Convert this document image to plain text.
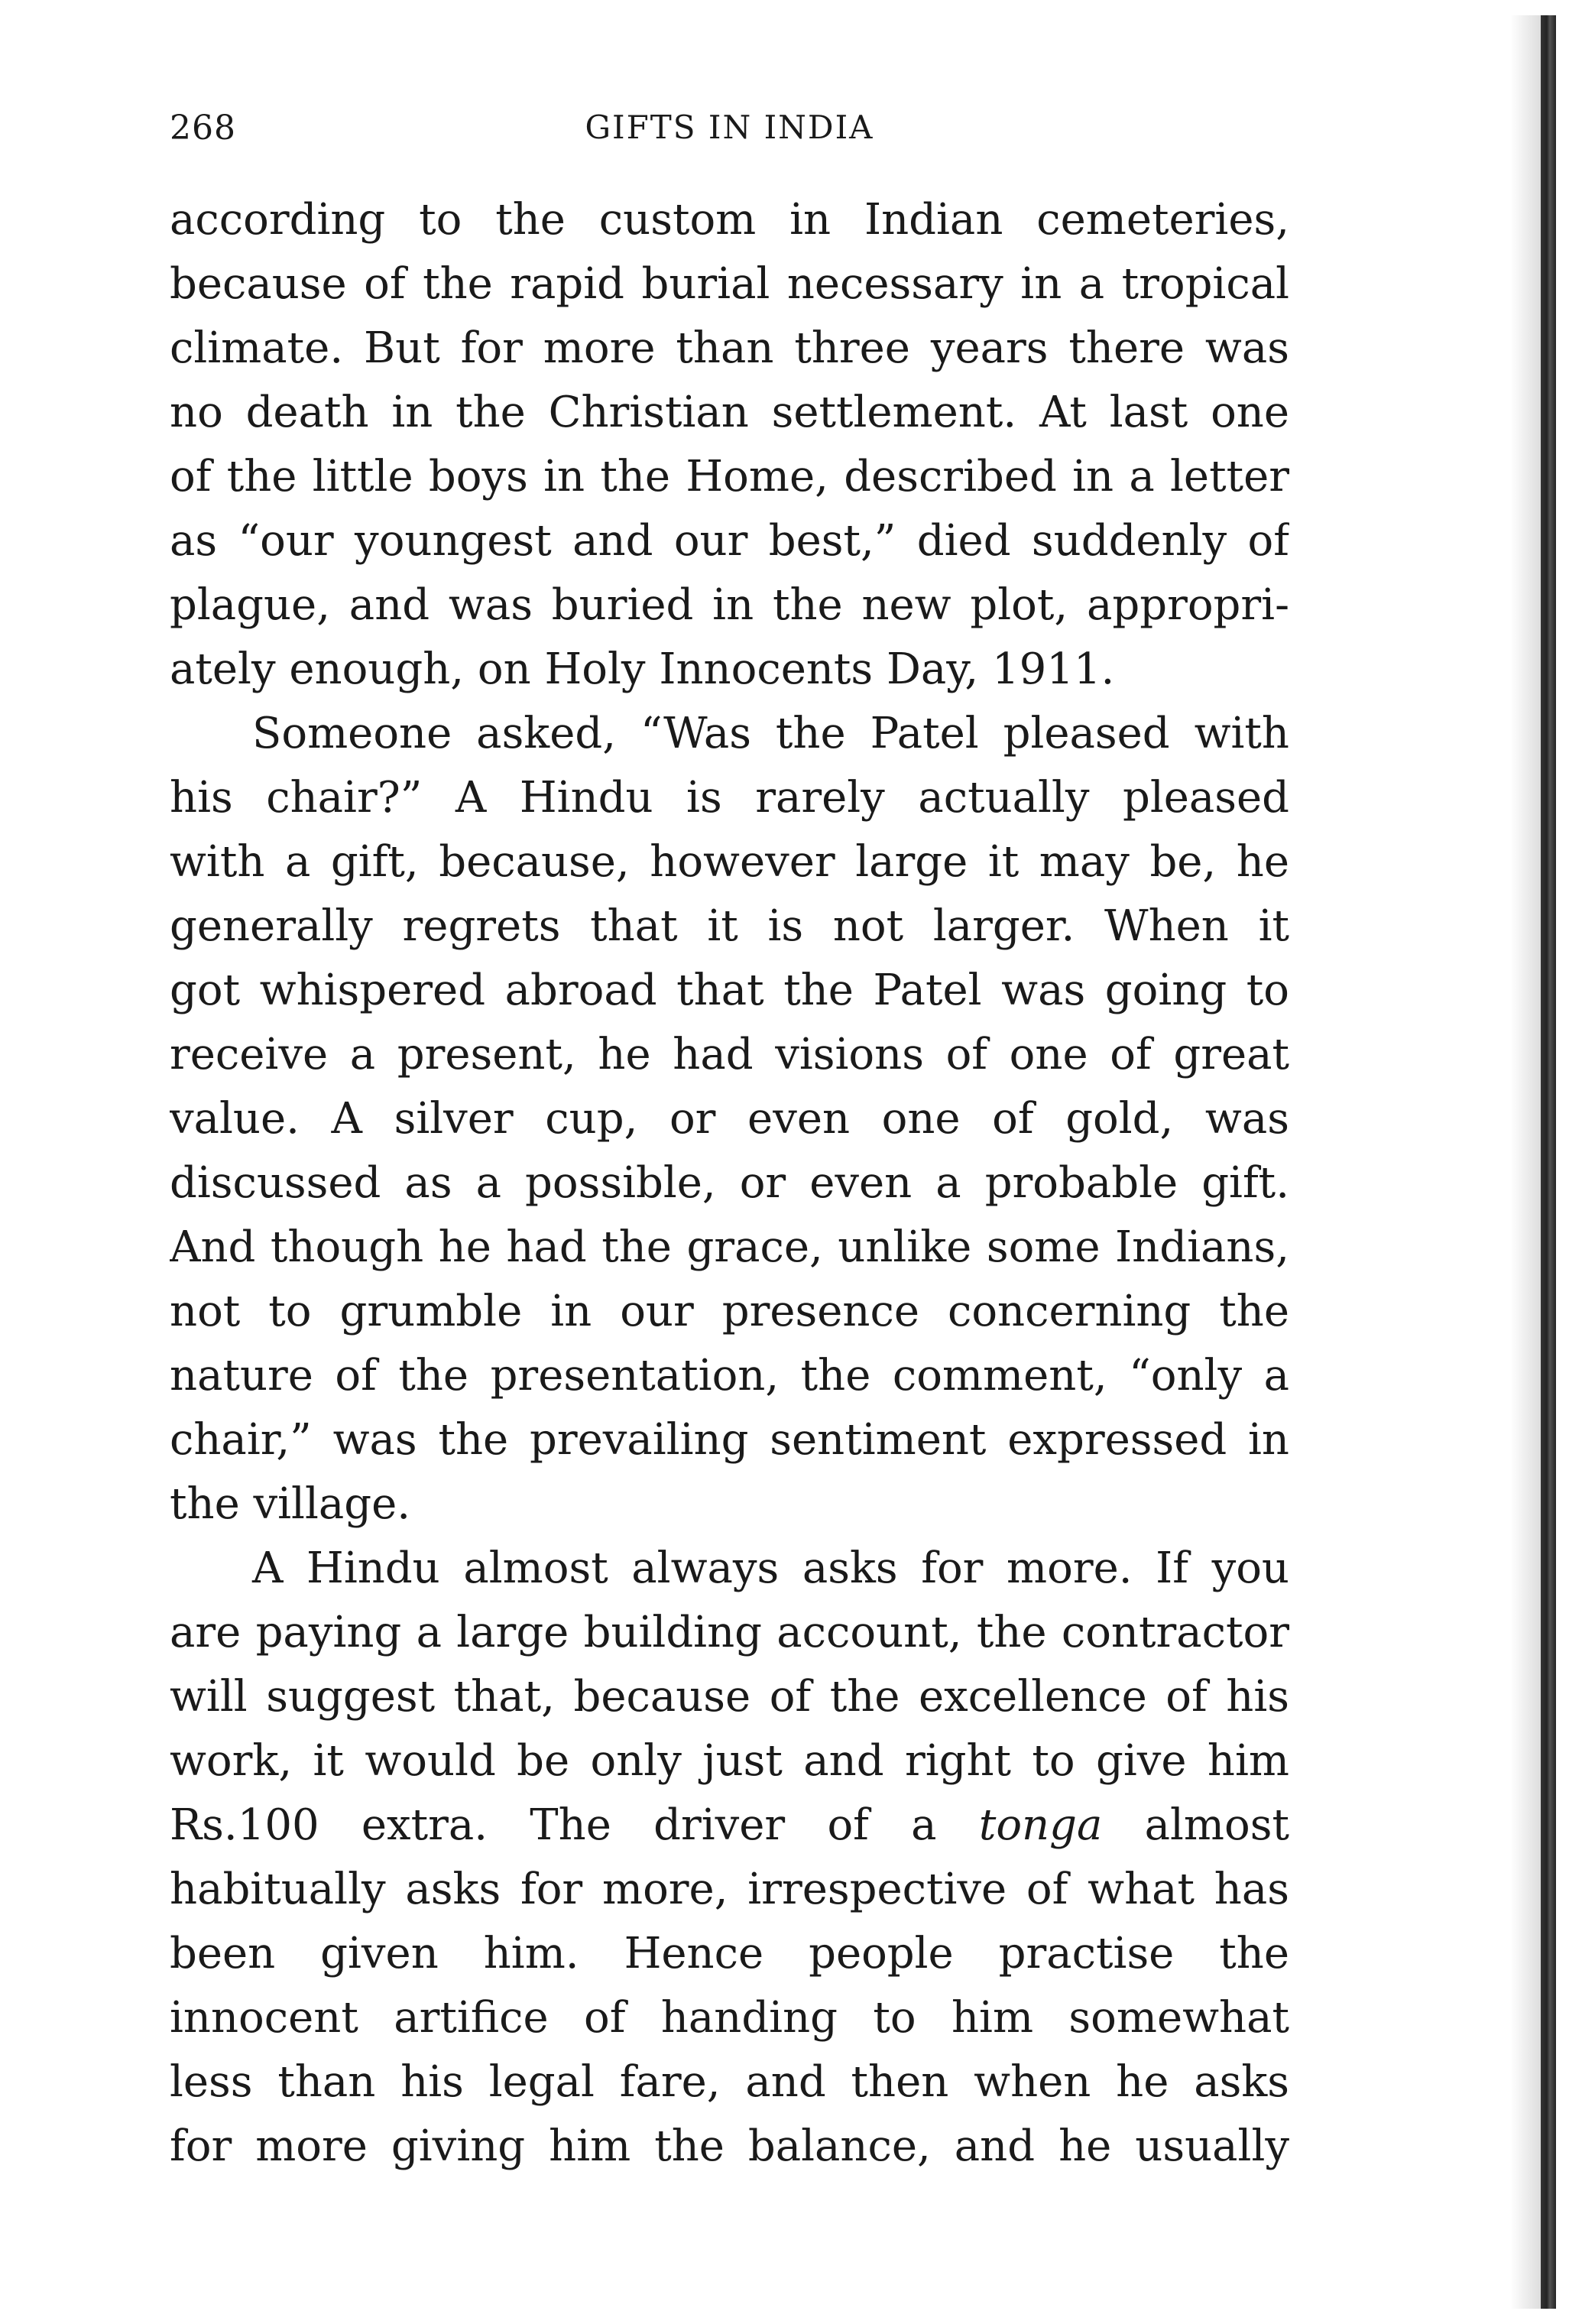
268	GIFTS IN INDIA
according to the custom in Indian cemeteries,
because of the rapid burial necessary in a tropical
climate. But for more than three years there was
no death in the Christian settlement. At last one
of the little boys in the Home, described in a letter
as “our youngest and our best,” died suddenly of
plague, and was buried in the new plot, appropri-
ately enough, on Holy Innocents Day, 1911.
Someone asked, “Was the Patel pleased with
his chair?” A Hindu is rarely actually pleased
with a gift, because, however large it may be, he
generally regrets that it is not larger. When it
got whispered abroad that the Patel was going to
receive a present, he had visions of one of great
value. A silver cup, or even one of gold, was
discussed as a possible, or even a probable gift.
And though he had the grace, unlike some Indians,
not to grumble in our presence concerning the
nature of the presentation, the comment, “only a
chair,” was the prevailing sentiment expressed in
the village.
A Hindu almost always asks for more. If you
are paying a large building account, the contractor
will suggest that, because of the excellence of his
work, it would be only just and right to give him
Rs.100 extra. The driver of a tonga almost
habitually asks for more, irrespective of what has
been given him. Hence people practise the
innocent artifice of handing to him somewhat
less than his legal fare, and then when he asks
for more giving him the balance, and he usually
